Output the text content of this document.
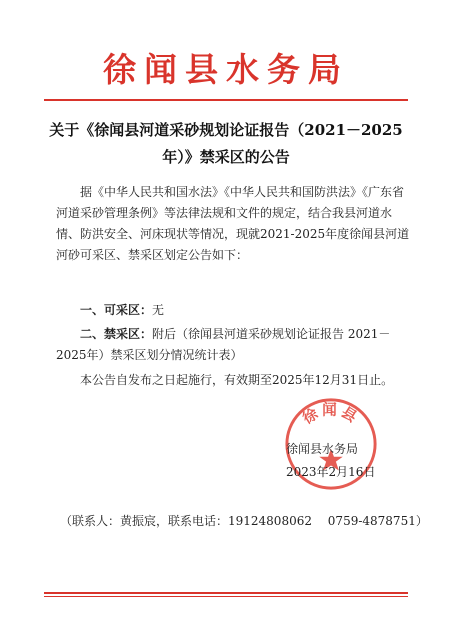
徐闻县水务局
关于《徐闻县河道采砂规划论证报告（2021－2025
年）》禁采区的公告
据《中华人民共和国水法》《中华人民共和国防洪法》《广东省河道采砂管理条例》等法律法规和文件的规定，结合我县河道水情、防洪安全、河床现状等情况，现就2021-2025年度徐闻县河道河砂可采区、禁采区划定公告如下：
一、可采区：无
二、禁采区：附后（徐闻县河道采砂规划论证报告 2021－2025年）禁采区划分情况统计表）
本公告自发布之日起施行，有效期至2025年12月31日止。
徐闻县
徐闻县水务局
2023年2月16日
（联系人：黄振宸，联系电话：19124808062　 0759-4878751）
